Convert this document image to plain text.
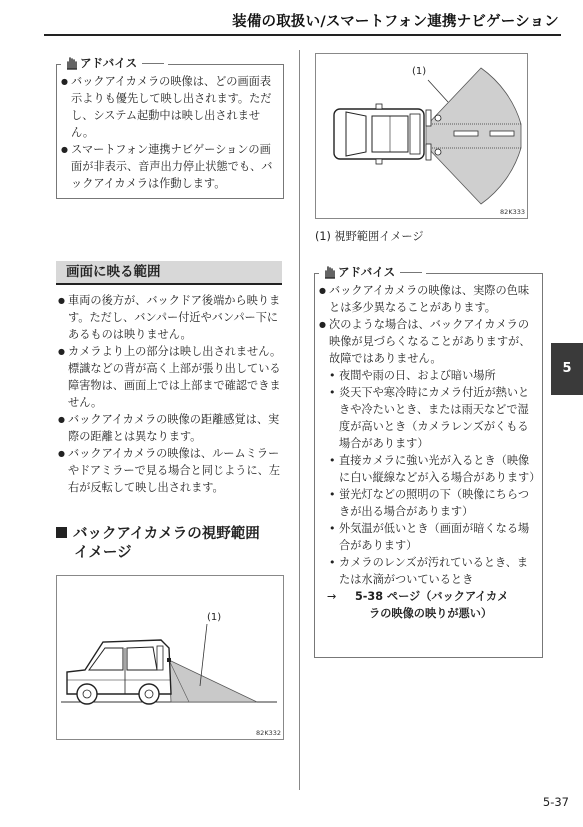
装備の取扱い/スマートフォン連携ナビゲーション
アドバイス
● バックアイカメラの映像は、どの画面表示よりも優先して映し出されます。ただし、システム起動中は映し出されません。
● スマートフォン連携ナビゲーションの画面が非表示、音声出力停止状態でも、バックアイカメラは作動します。
画面に映る範囲
● 車両の後方が、バックドア後端から映ります。ただし、バンパー付近やバンパー下にあるものは映りません。
● カメラより上の部分は映し出されません。標識などの背が高く上部が張り出している障害物は、画面上では上部まで確認できません。
● バックアイカメラの映像の距離感覚は、実際の距離とは異なります。
● バックアイカメラの映像は、ルームミラーやドアミラーで見る場合と同じように、左右が反転して映し出されます。
バックアイカメラの視野範囲
イメージ
(1)
82K332
(1)
82K333
(1) 視野範囲イメージ
アドバイス
● バックアイカメラの映像は、実際の色味とは多少異なることがあります。
● 次のような場合は、バックアイカメラの映像が見づらくなることがありますが、故障ではありません。
• 夜間や雨の日、および暗い場所
• 炎天下や寒冷時にカメラ付近が熱いときや冷たいとき、または雨天などで湿度が高いとき（カメラレンズがくもる場合があります）
• 直接カメラに強い光が入るとき（映像に白い縦線などが入る場合があります）
• 蛍光灯などの照明の下（映像にちらつきが出る場合があります）
• 外気温が低いとき（画面が暗くなる場合があります）
• カメラのレンズが汚れているとき、または水滴がついているとき
→	5-38 ページ（バックアイカメ
ラの映像の映りが悪い）
5
5-37
